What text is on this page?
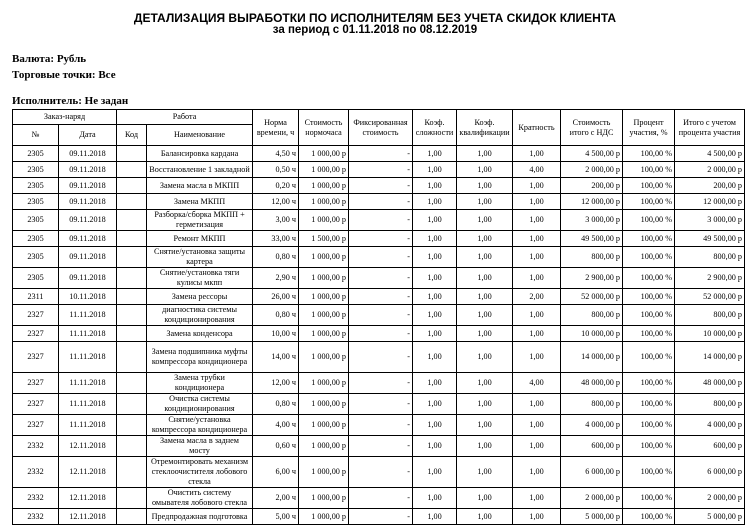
ДЕТАЛИЗАЦИЯ ВЫРАБОТКИ ПО ИСПОЛНИТЕЛЯМ БЕЗ УЧЕТА СКИДОК КЛИЕНТА
за период с 01.11.2018 по 08.12.2019
Валюта: Рубль
Торговые точки: Все
Исполнитель: Не задан
Заказ-наряд		Работа		Норма времени, ч	Стоимость нормочаса	Фиксированная стоимость	Коэф. сложности	Коэф. квалификации	Кратность	Стоимость итого с НДС	Процент участия, %	Итого с учетом процента участия
№	Дата	Код	Наименование									
2305	09.11.2018		Балансировка кардана	4,50 ч	1 000,00 р	-	1,00	1,00	1,00	4 500,00 р	100,00 %	4 500,00 р
2305	09.11.2018		Восстановление 1 закладной	0,50 ч	1 000,00 р	-	1,00	1,00	4,00	2 000,00 р	100,00 %	2 000,00 р
2305	09.11.2018		Замена масла в МКПП	0,20 ч	1 000,00 р	-	1,00	1,00	1,00	200,00 р	100,00 %	200,00 р
2305	09.11.2018		Замена МКПП	12,00 ч	1 000,00 р	-	1,00	1,00	1,00	12 000,00 р	100,00 %	12 000,00 р
2305	09.11.2018		Разборка/сборка МКПП + герметизация	3,00 ч	1 000,00 р	-	1,00	1,00	1,00	3 000,00 р	100,00 %	3 000,00 р
2305	09.11.2018		Ремонт МКПП	33,00 ч	1 500,00 р	-	1,00	1,00	1,00	49 500,00 р	100,00 %	49 500,00 р
2305	09.11.2018		Снятие/установка защиты картера	0,80 ч	1 000,00 р	-	1,00	1,00	1,00	800,00 р	100,00 %	800,00 р
2305	09.11.2018		Снятие/установка тяги кулисы мкпп	2,90 ч	1 000,00 р	-	1,00	1,00	1,00	2 900,00 р	100,00 %	2 900,00 р
2311	10.11.2018		Замена рессоры	26,00 ч	1 000,00 р	-	1,00	1,00	2,00	52 000,00 р	100,00 %	52 000,00 р
2327	11.11.2018		диагностика системы кондиционирования	0,80 ч	1 000,00 р	-	1,00	1,00	1,00	800,00 р	100,00 %	800,00 р
2327	11.11.2018		Замена конденсора	10,00 ч	1 000,00 р	-	1,00	1,00	1,00	10 000,00 р	100,00 %	10 000,00 р
2327	11.11.2018		Замена подшипника муфты компрессора кондиционера	14,00 ч	1 000,00 р	-	1,00	1,00	1,00	14 000,00 р	100,00 %	14 000,00 р
2327	11.11.2018		Замена трубки кондиционера	12,00 ч	1 000,00 р	-	1,00	1,00	4,00	48 000,00 р	100,00 %	48 000,00 р
2327	11.11.2018		Очистка системы кондиционирования	0,80 ч	1 000,00 р	-	1,00	1,00	1,00	800,00 р	100,00 %	800,00 р
2327	11.11.2018		Снятие/установка компрессора кондиционера	4,00 ч	1 000,00 р	-	1,00	1,00	1,00	4 000,00 р	100,00 %	4 000,00 р
2332	12.11.2018		Замена масла в заднем мосту	0,60 ч	1 000,00 р	-	1,00	1,00	1,00	600,00 р	100,00 %	600,00 р
2332	12.11.2018		Отремонтировать механизм стеклоочистителя лобового стекла	6,00 ч	1 000,00 р	-	1,00	1,00	1,00	6 000,00 р	100,00 %	6 000,00 р
2332	12.11.2018		Очистить систему омывателя лобового стекла	2,00 ч	1 000,00 р	-	1,00	1,00	1,00	2 000,00 р	100,00 %	2 000,00 р
2332	12.11.2018		Предпродажная подготовка	5,00 ч	1 000,00 р	-	1,00	1,00	1,00	5 000,00 р	100,00 %	5 000,00 р
